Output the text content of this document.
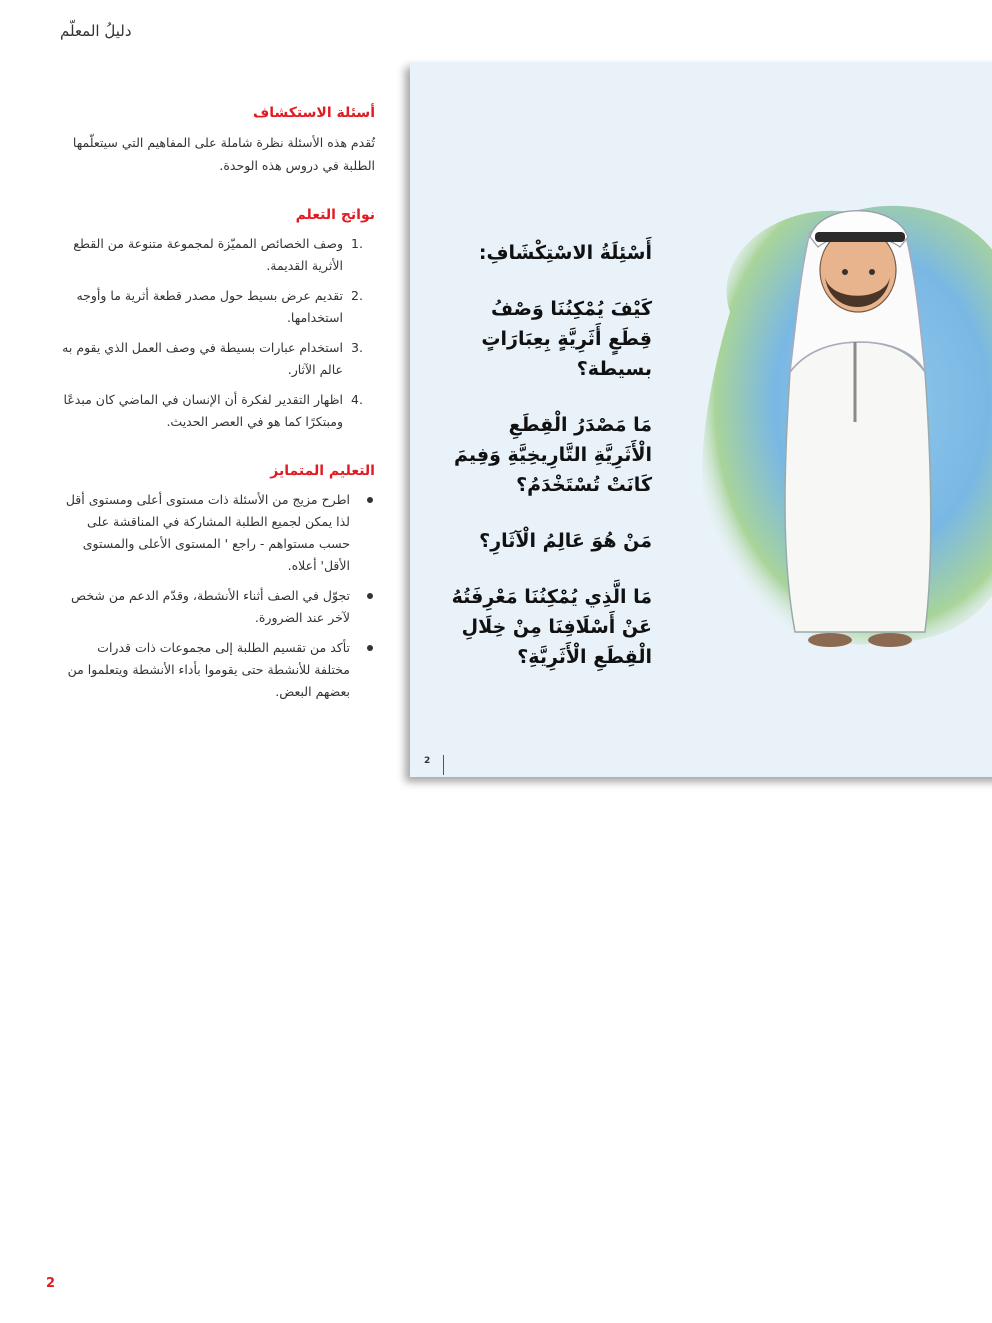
دليلُ المعلّم
أسئلة الاستكشاف

تُقدم هذه الأسئلة نظرة شاملة على المفاهيم التي سيتعلّمها الطلبة في دروس هذه الوحدة.

نواتج التعلم
1.
وصف الخصائص المميّزة لمجموعة متنوعة من القطع الأثرية القديمة.
2.
تقديم عرض بسيط حول مصدر قطعة أثرية ما وأوجه استخدامها.
3.
استخدام عبارات بسيطة في وصف العمل الذي يقوم به عالم الآثار.
4.
اظهار التقدير لفكرة أن الإنسان في الماضي كان مبدعًا ومبتكرًا كما هو في العصر الحديث.
التعليم المتمايز
اطرح مزيج من الأسئلة ذات مستوى أعلى ومستوى أقل لذا يمكن لجميع الطلبة المشاركة في المناقشة على حسب مستواهم - راجع ' المستوى الأعلى والمستوى الأقل' أعلاه.
تجوّل في الصف أثناء الأنشطة، وقدّم الدعم من شخص لآخر عند الضرورة.
تأكد من تقسيم الطلبة إلى مجموعات ذات قدرات مختلفة للأنشطة حتى يقوموا بأداء الأنشطة ويتعلموا من بعضهم البعض.
أَسْئِلَةُ الاسْتِكْشَافِ:
كَيْفَ يُمْكِنُنَا وَصْفُ قِطَعٍ أَثَرِيَّةٍ بِعِبَارَاتٍ بسيطة؟
مَا مَصْدَرُ الْقِطَعِ الْأَثَرِيَّةِ التَّارِيخِيَّةِ وَفِيمَ كَانَتْ تُسْتَخْدَمُ؟
مَنْ هُوَ عَالِمُ الْآثَارِ؟
مَا الَّذِي يُمْكِنُنَا مَعْرِفَتُهُ عَنْ أَسْلَافِنَا مِنْ خِلَالِ الْقِطَعِ الْأَثَرِيَّةِ؟
2
2
